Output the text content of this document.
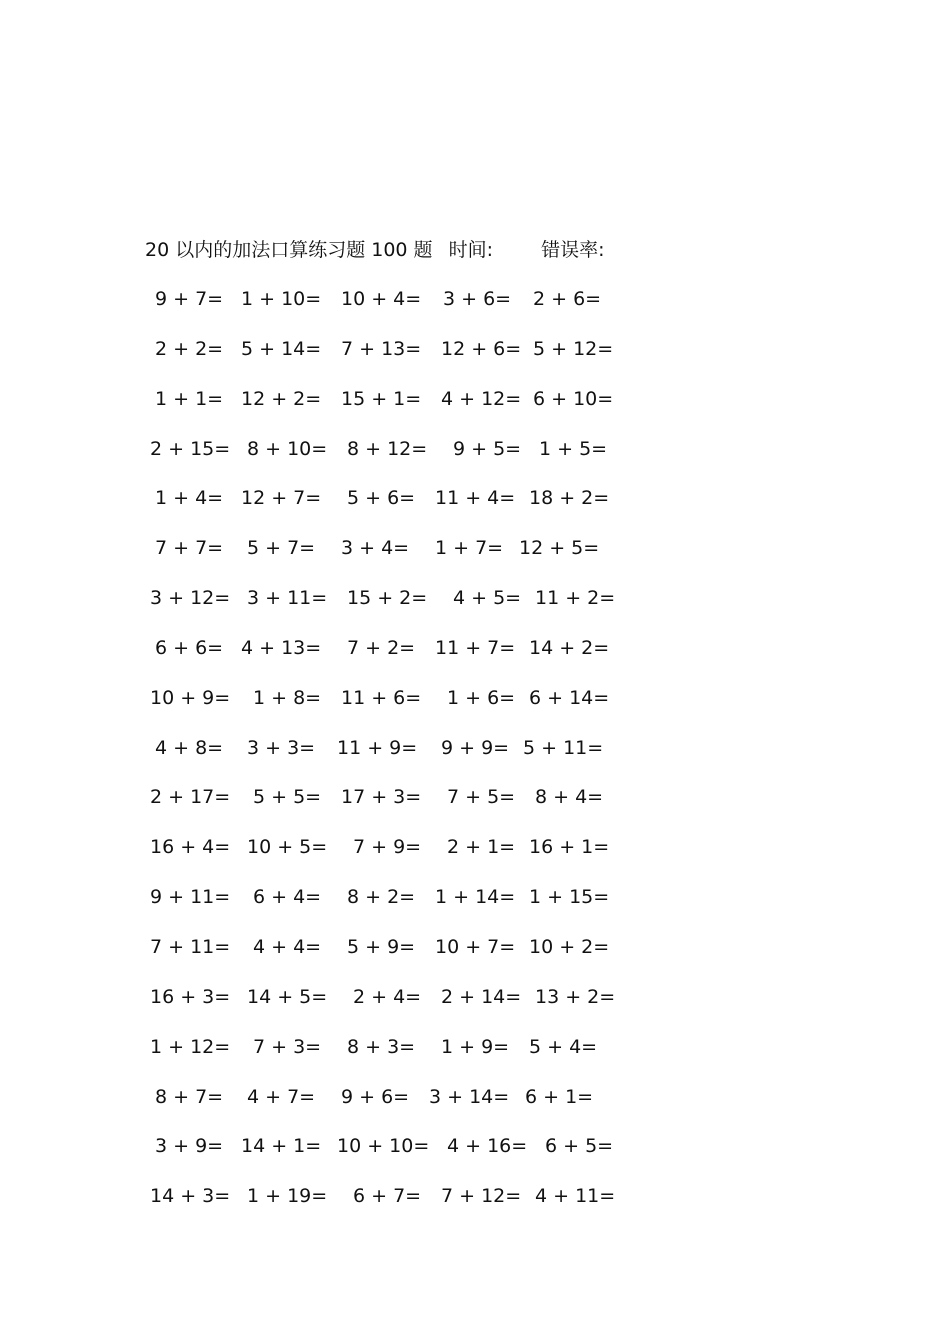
20 以内的加法口算练习题 100 题 时间:	错误率:
9 + 7= 1 + 10=	10 + 4=	3 + 6=	2 + 6=
2 + 2= 5 + 14=	7 + 13=	12 + 6= 5 + 12=
1 + 1= 12 + 2=	15 + 1=	4 + 12= 6 + 10=
2 + 15= 8 + 10=	8 + 12=	9 + 5= 1 + 5=
1 + 4= 12 + 7=	5 + 6=	11 + 4= 18 + 2=
7 + 7=	5 + 7=	3 + 4=	1 + 7= 12 + 5=
3 + 12= 3 + 11=	15 + 2=	4 + 5= 11 + 2=
6 + 6= 4 + 13=	7 + 2=	11 + 7= 14 + 2=
10 + 9=	1 + 8=	11 + 6=	1 + 6= 6 + 14=
4 + 8=	3 + 3=	11 + 9=	9 + 9= 5 + 11=
2 + 17=	5 + 5=	17 + 3=	7 + 5=	8 + 4=
16 + 4= 10 + 5=	7 + 9=	2 + 1= 16 + 1=
9 + 11=	6 + 4=	8 + 2=	1 + 14= 1 + 15=
7 + 11=	4 + 4=	5 + 9=	10 + 7= 10 + 2=
16 + 3= 14 + 5=	2 + 4=	2 + 14= 13 + 2=
1 + 12=	7 + 3=	8 + 3=	1 + 9=	5 + 4=
8 + 7=	4 + 7=	9 + 6=	3 + 14= 6 + 1=
3 + 9= 14 + 1= 10 + 10= 4 + 16= 6 + 5=
14 + 3= 1 + 19=	6 + 7=	7 + 12= 4 + 11=
